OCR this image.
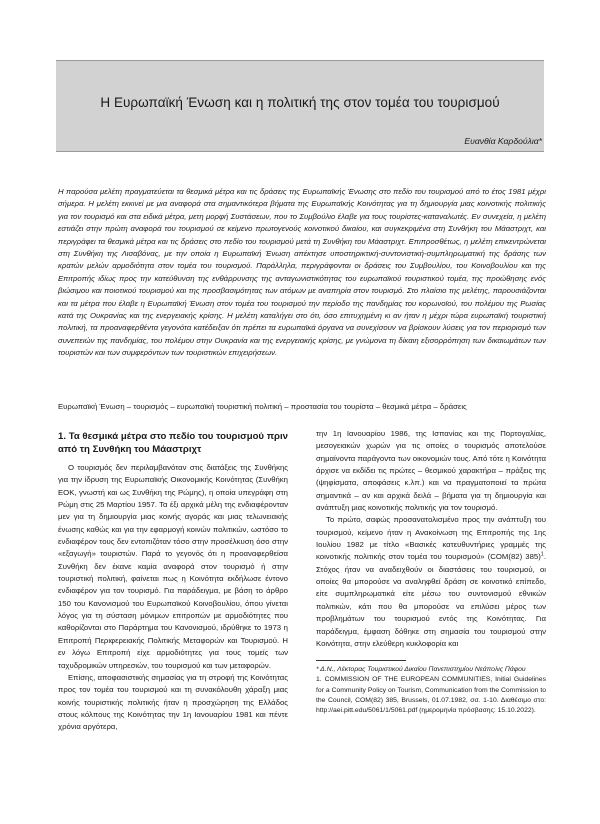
Η Ευρωπαϊκή Ένωση και η πολιτική της στον τομέα του τουρισμού
Ευανθία Καρδούλια*

Η παρούσα μελέτη πραγματεύεται τα θεσμικά μέτρα και τις δράσεις της Ευρωπαϊκής Ένωσης στο πεδίο του τουρισμού από το έτος 1981 μέχρι σήμερα. Η μελέτη εκκινεί με μια αναφορά στα σημαντικότερα βήματα της Ευρωπαϊκής Κοινότητας για τη δημιουργία μιας κοινοτικής πολιτικής για τον τουρισμό και στα ειδικά μέτρα, μετη μορφή Συστάσεων, που το Συμβούλιο έλαβε για τους τουρίστες-καταναλωτές. Εν συνεχεία, η μελέτη εστιάζει στην πρώτη αναφορά του τουρισμού σε κείμενο πρωτογενούς κοινοτικού δικαίου, και συγκεκριμένα στη Συνθήκη του Μάαστριχτ, και περιγράφει τα θεσμικά μέτρα και τις δράσεις στο πεδίο του τουρισμού μετά τη Συνθήκη του Μάαστριχτ. Επιπροσθέτως, η μελέτη επικεντρώνεται στη Συνθήκη της Λισαβόνας, με την οποία η Ευρωπαϊκή Ένωση απέκτησε υποστηρικτική-συντονιστική-συμπληρωματική της δράσης των κρατών μελών αρμοδιότητα στον τομέα του τουρισμού. Παράλληλα, περιγράφονται οι δράσεις του Συμβουλίου, του Κοινοβουλίου και της Επιτροπής ιδίως προς την κατεύθυνση της ενθάρρυνσης της ανταγωνιστικότητας του ευρωπαϊκού τουριστικού τομέα, της προώθησης ενός βιώσιμου και ποιοτικού τουρισμού και της προσβασιμότητας των ατόμων με αναπηρία στον τουρισμό. Στο πλαίσιο της μελέτης, παρουσιάζονται και τα μέτρα που έλαβε η Ευρωπαϊκή Ένωση στον τομέα του τουρισμού την περίοδο της πανδημίας του κορωνοϊού, του πολέμου της Ρωσίας κατά της Ουκρανίας και της ενεργειακής κρίσης. Η μελέτη καταλήγει στο ότι, όσο επιτυχημένη κι αν ήταν η μέχρι τώρα ευρωπαϊκή τουριστική πολιτική, τα προαναφερθέντα γεγονότα κατέδειξαν ότι πρέπει τα ευρωπαϊκά όργανα να συνεχίσουν να βρίσκουν λύσεις για τον περιορισμό των συνεπειών της πανδημίας, του πολέμου στην Ουκρανία και της ενεργειακής κρίσης, με γνώμονα τη δίκαιη εξισορρόπηση των δικαιωμάτων των τουριστών και των συμφερόντων των τουριστικών επιχειρήσεων.

Ευρωπαϊκή Ένωση – τουρισμός – ευρωπαϊκή τουριστική πολιτική – προστασία του τουρίστα – θεσμικά μέτρα – δράσεις

1. Τα θεσμικά μέτρα στο πεδίο του τουρισμού πριν από τη Συνθήκη του Μάαστριχτ

Ο τουρισμός δεν περιλαμβανόταν στις διατάξεις της Συνθήκης για την ίδρυση της Ευρωπαϊκής Οικονομικής Κοινότητας (Συνθήκη ΕΟΚ, γνωστή και ως Συνθήκη της Ρώμης), η οποία υπεγράφη στη Ρώμη στις 25 Μαρτίου 1957. Τα έξι αρχικά μέλη της ενδιαφέρονταν μεν για τη δημιουργία μιας κοινής αγοράς και μιας τελωνειακής ένωσης καθώς και για την εφαρμογή κοινών πολιτικών, ωστόσο το ενδιαφέρον τους δεν εντοπιζόταν τόσο στην προσέλκυση όσο στην «εξαγωγή» τουριστών. Παρά το γεγονός ότι η προαναφερθείσα Συνθήκη δεν έκανε καμία αναφορά στον τουρισμό ή στην τουριστική πολιτική, φαίνεται πως η Κοινότητα εκδήλωσε έντονο ενδιαφέρον για τον τουρισμό. Για παράδειγμα, με βάση το άρθρο 150 του Κανονισμού του Ευρωπαϊκού Κοινοβουλίου, όπου γίνεται λόγος για τη σύσταση μόνιμων επιτροπών με αρμοδιότητες που καθορίζονται στο Παράρτημα του Κανονισμού, ιδρύθηκε το 1973 η Επιτροπή Περιφερειακής Πολιτικής Μεταφορών και Τουρισμού. Η εν λόγω Επιτροπή είχε αρμοδιότητες για τους τομείς των ταχυδρομικών υπηρεσιών, του τουρισμού και των μεταφορών.

Επίσης, αποφασιστικής σημασίας για τη στροφή της Κοινότητας προς τον τομέα του τουρισμού και τη συνακόλουθη χάραξη μιας κοινής τουριστικής πολιτικής ήταν η προσχώρηση της Ελλάδος στους κόλπους της Κοινότητας την 1η Ιανουαρίου 1981 και πέντε χρόνια αργότερα,

την 1η Ιανουαρίου 1986, της Ισπανίας και της Πορτογαλίας, μεσογειακών χωρών για τις οποίες ο τουρισμός αποτελούσε σημαίνοντα παράγοντα των οικονομιών τους. Από τότε η Κοινότητα άρχισε να εκδίδει τις πρώτες – θεσμικού χαρακτήρα – πράξεις της (ψηφίσματα, αποφάσεις κ.λπ.) και να πραγματοποιεί τα πρώτα σημαντικά – αν και αρχικά δειλά – βήματα για τη δημιουργία και ανάπτυξη μιας κοινοτικής πολιτικής για τον τουρισμό.

Το πρώτο, σαφώς προσανατολισμένο προς την ανάπτυξη του τουρισμού, κείμενο ήταν η Ανακοίνωση της Επιτροπής της 1ης Ιουλίου 1982 με τίτλο «Βασικές κατευθυντήριες γραμμές της κοινοτικής πολιτικής στον τομέα του τουρισμού» (COM(82) 385)$^1$. Στόχος ήταν να αναδειχθούν οι διαστάσεις του τουρισμού, οι οποίες θα μπορούσε να αναληφθεί δράση σε κοινοτικό επίπεδο, είτε συμπληρωματικά είτε μέσω του συντονισμού εθνικών πολιτικών, κάτι που θα μπορούσε να επιλύσει μέρος των προβλημάτων του τουρισμού εντός της Κοινότητας. Για παράδειγμα, έμφαση δόθηκε στη σημασία του τουρισμού στην Κοινότητα, στην ελεύθερη κυκλοφορία και

* Δ.Ν., Λέκτορας Τουριστικού Δικαίου Πανεπιστημίου Νεάπολις Πάφου

1. COMMISSION OF THE EUROPEAN COMMUNITIES, Initial Guidelines for a Community Policy on Tourism, Communication from the Commission to the Council, COM(82) 385, Brussels, 01.07.1982, σσ. 1-10. Διαθέσιμο στο: http://aei.pitt.edu/5061/1/5061.pdf (ημερομηνία πρόσβασης: 15.10.2022).
